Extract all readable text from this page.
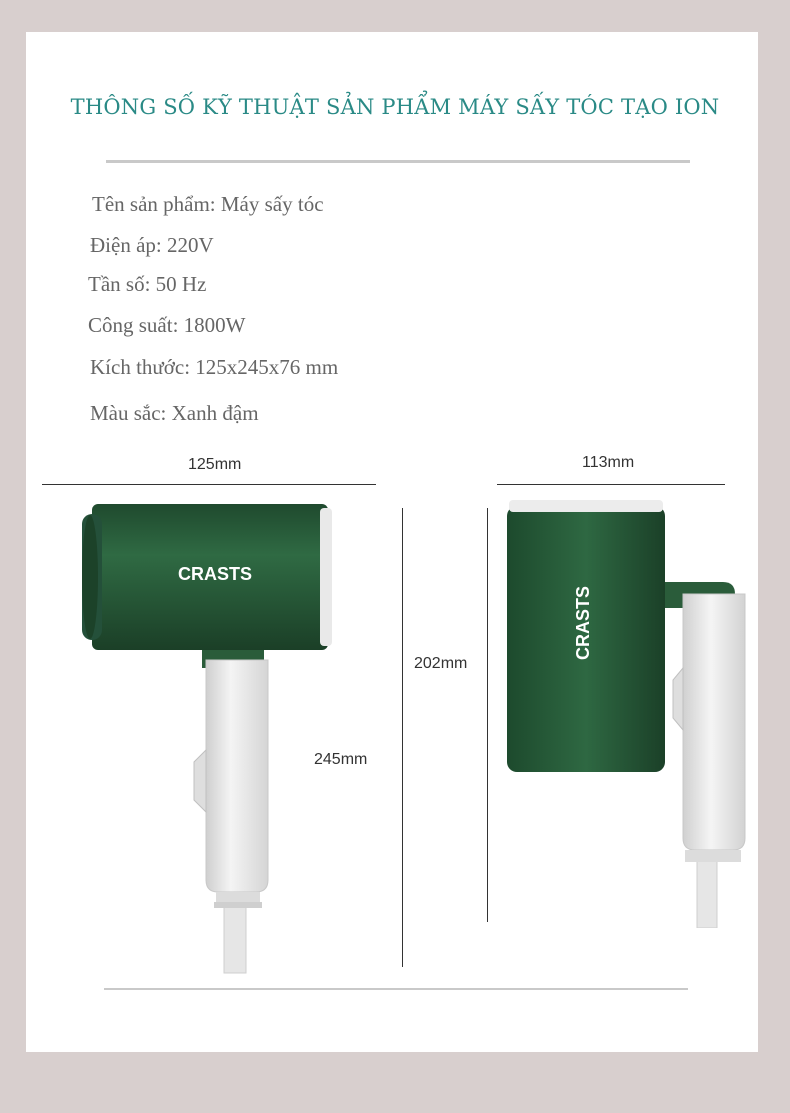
THÔNG SỐ KỸ THUẬT SẢN PHẨM MÁY SẤY TÓC TẠO ION
Tên sản phẩm: Máy sấy tóc
Điện áp: 220V
Tần số: 50 Hz
Công suất: 1800W
Kích thước: 125x245x76 mm
Màu sắc: Xanh đậm
125mm	113mm
245mm
202mm
CRASTS
CRASTS
